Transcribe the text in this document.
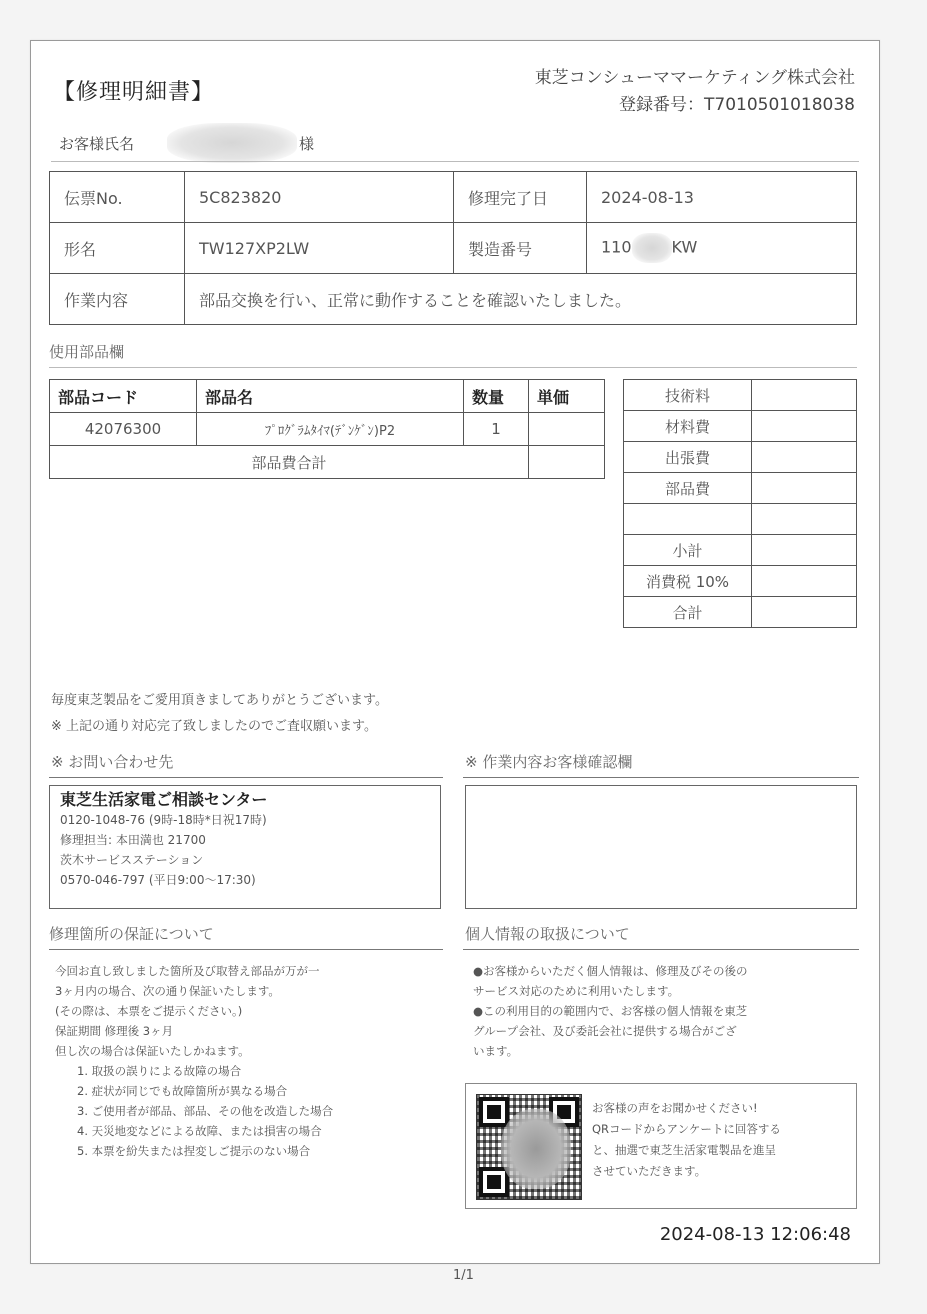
【修理明細書】
東芝コンシューママーケティング株式会社
登録番号：T7010501018038
お客様氏名	様
伝票No.	5C823820	修理完了日	2024-08-13
形名	TW127XP2LW	製造番号	110 KW
作業内容	部品交換を行い、正常に動作することを確認いたしました。		
使用部品欄
部品コード	部品名	数量	単価
42076300	ﾌﾟﾛｸﾞﾗﾑﾀｲﾏ(ﾃﾞﾝｹﾞﾝ)P2	1	
部品費合計			
技術料	
材料費	
出張費	
部品費	

小計	
消費税 10%	
合計	
毎度東芝製品をご愛用頂きましてありがとうございます。
※ 上記の通り対応完了致しましたのでご査収願います。
※ お問い合わせ先
東芝生活家電ご相談センター
0120-1048-76 (9時-18時*日祝17時)
修理担当: 本田満也 21700
茨木サービスステーション
0570-046-797 (平日9:00〜17:30)
※ 作業内容お客様確認欄
修理箇所の保証について
今回お直し致しました箇所及び取替え部品が万が一
3ヶ月内の場合、次の通り保証いたします。
(その際は、本票をご提示ください。)
保証期間 修理後 3ヶ月
但し次の場合は保証いたしかねます。
1. 取扱の誤りによる故障の場合
2. 症状が同じでも故障箇所が異なる場合
3. ご使用者が部品、部品、その他を改造した場合
4. 天災地変などによる故障、または損害の場合
5. 本票を紛失または捏変しご提示のない場合
個人情報の取扱について
●お客様からいただく個人情報は、修理及びその後の
サービス対応のために利用いたします。
●この利用目的の範囲内で、お客様の個人情報を東芝
グループ会社、及び委託会社に提供する場合がござ
います。
お客様の声をお聞かせください!
QRコードからアンケートに回答する
と、抽選で東芝生活家電製品を進呈
させていただきます。
2024-08-13 12:06:48
1/1
